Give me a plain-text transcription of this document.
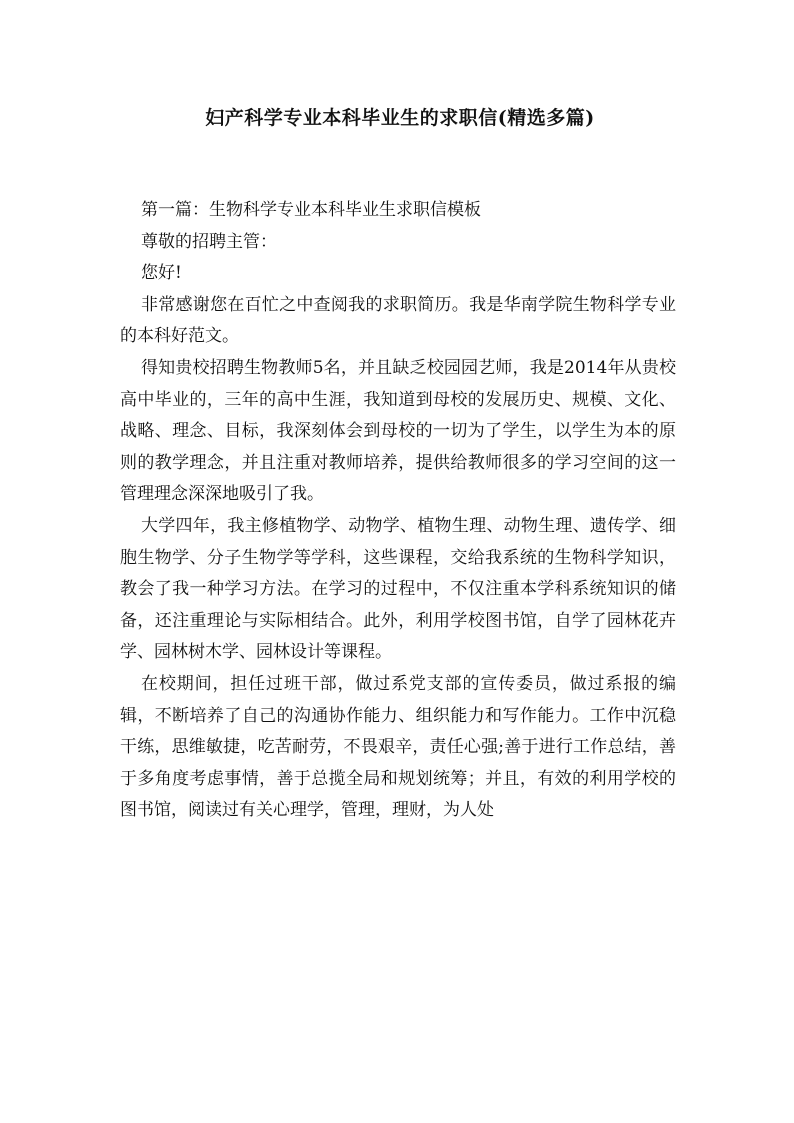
妇产科学专业本科毕业生的求职信(精选多篇)

第一篇：生物科学专业本科毕业生求职信模板

尊敬的招聘主管：

您好!

非常感谢您在百忙之中查阅我的求职简历。我是华南学院生物科学专业的本科好范文。

得知贵校招聘生物教师5名，并且缺乏校园园艺师，我是2014年从贵校高中毕业的，三年的高中生涯，我知道到母校的发展历史、规模、文化、战略、理念、目标，我深刻体会到母校的一切为了学生，以学生为本的原则的教学理念，并且注重对教师培养，提供给教师很多的学习空间的这一管理理念深深地吸引了我。

大学四年，我主修植物学、动物学、植物生理、动物生理、遗传学、细胞生物学、分子生物学等学科，这些课程，交给我系统的生物科学知识，教会了我一种学习方法。在学习的过程中，不仅注重本学科系统知识的储备，还注重理论与实际相结合。此外，利用学校图书馆，自学了园林花卉学、园林树木学、园林设计等课程。

在校期间，担任过班干部，做过系党支部的宣传委员，做过系报的编辑，不断培养了自己的沟通协作能力、组织能力和写作能力。工作中沉稳干练，思维敏捷，吃苦耐劳，不畏艰辛，责任心强;善于进行工作总结，善于多角度考虑事情，善于总揽全局和规划统筹；并且，有效的利用学校的图书馆，阅读过有关心理学，管理，理财，为人处
